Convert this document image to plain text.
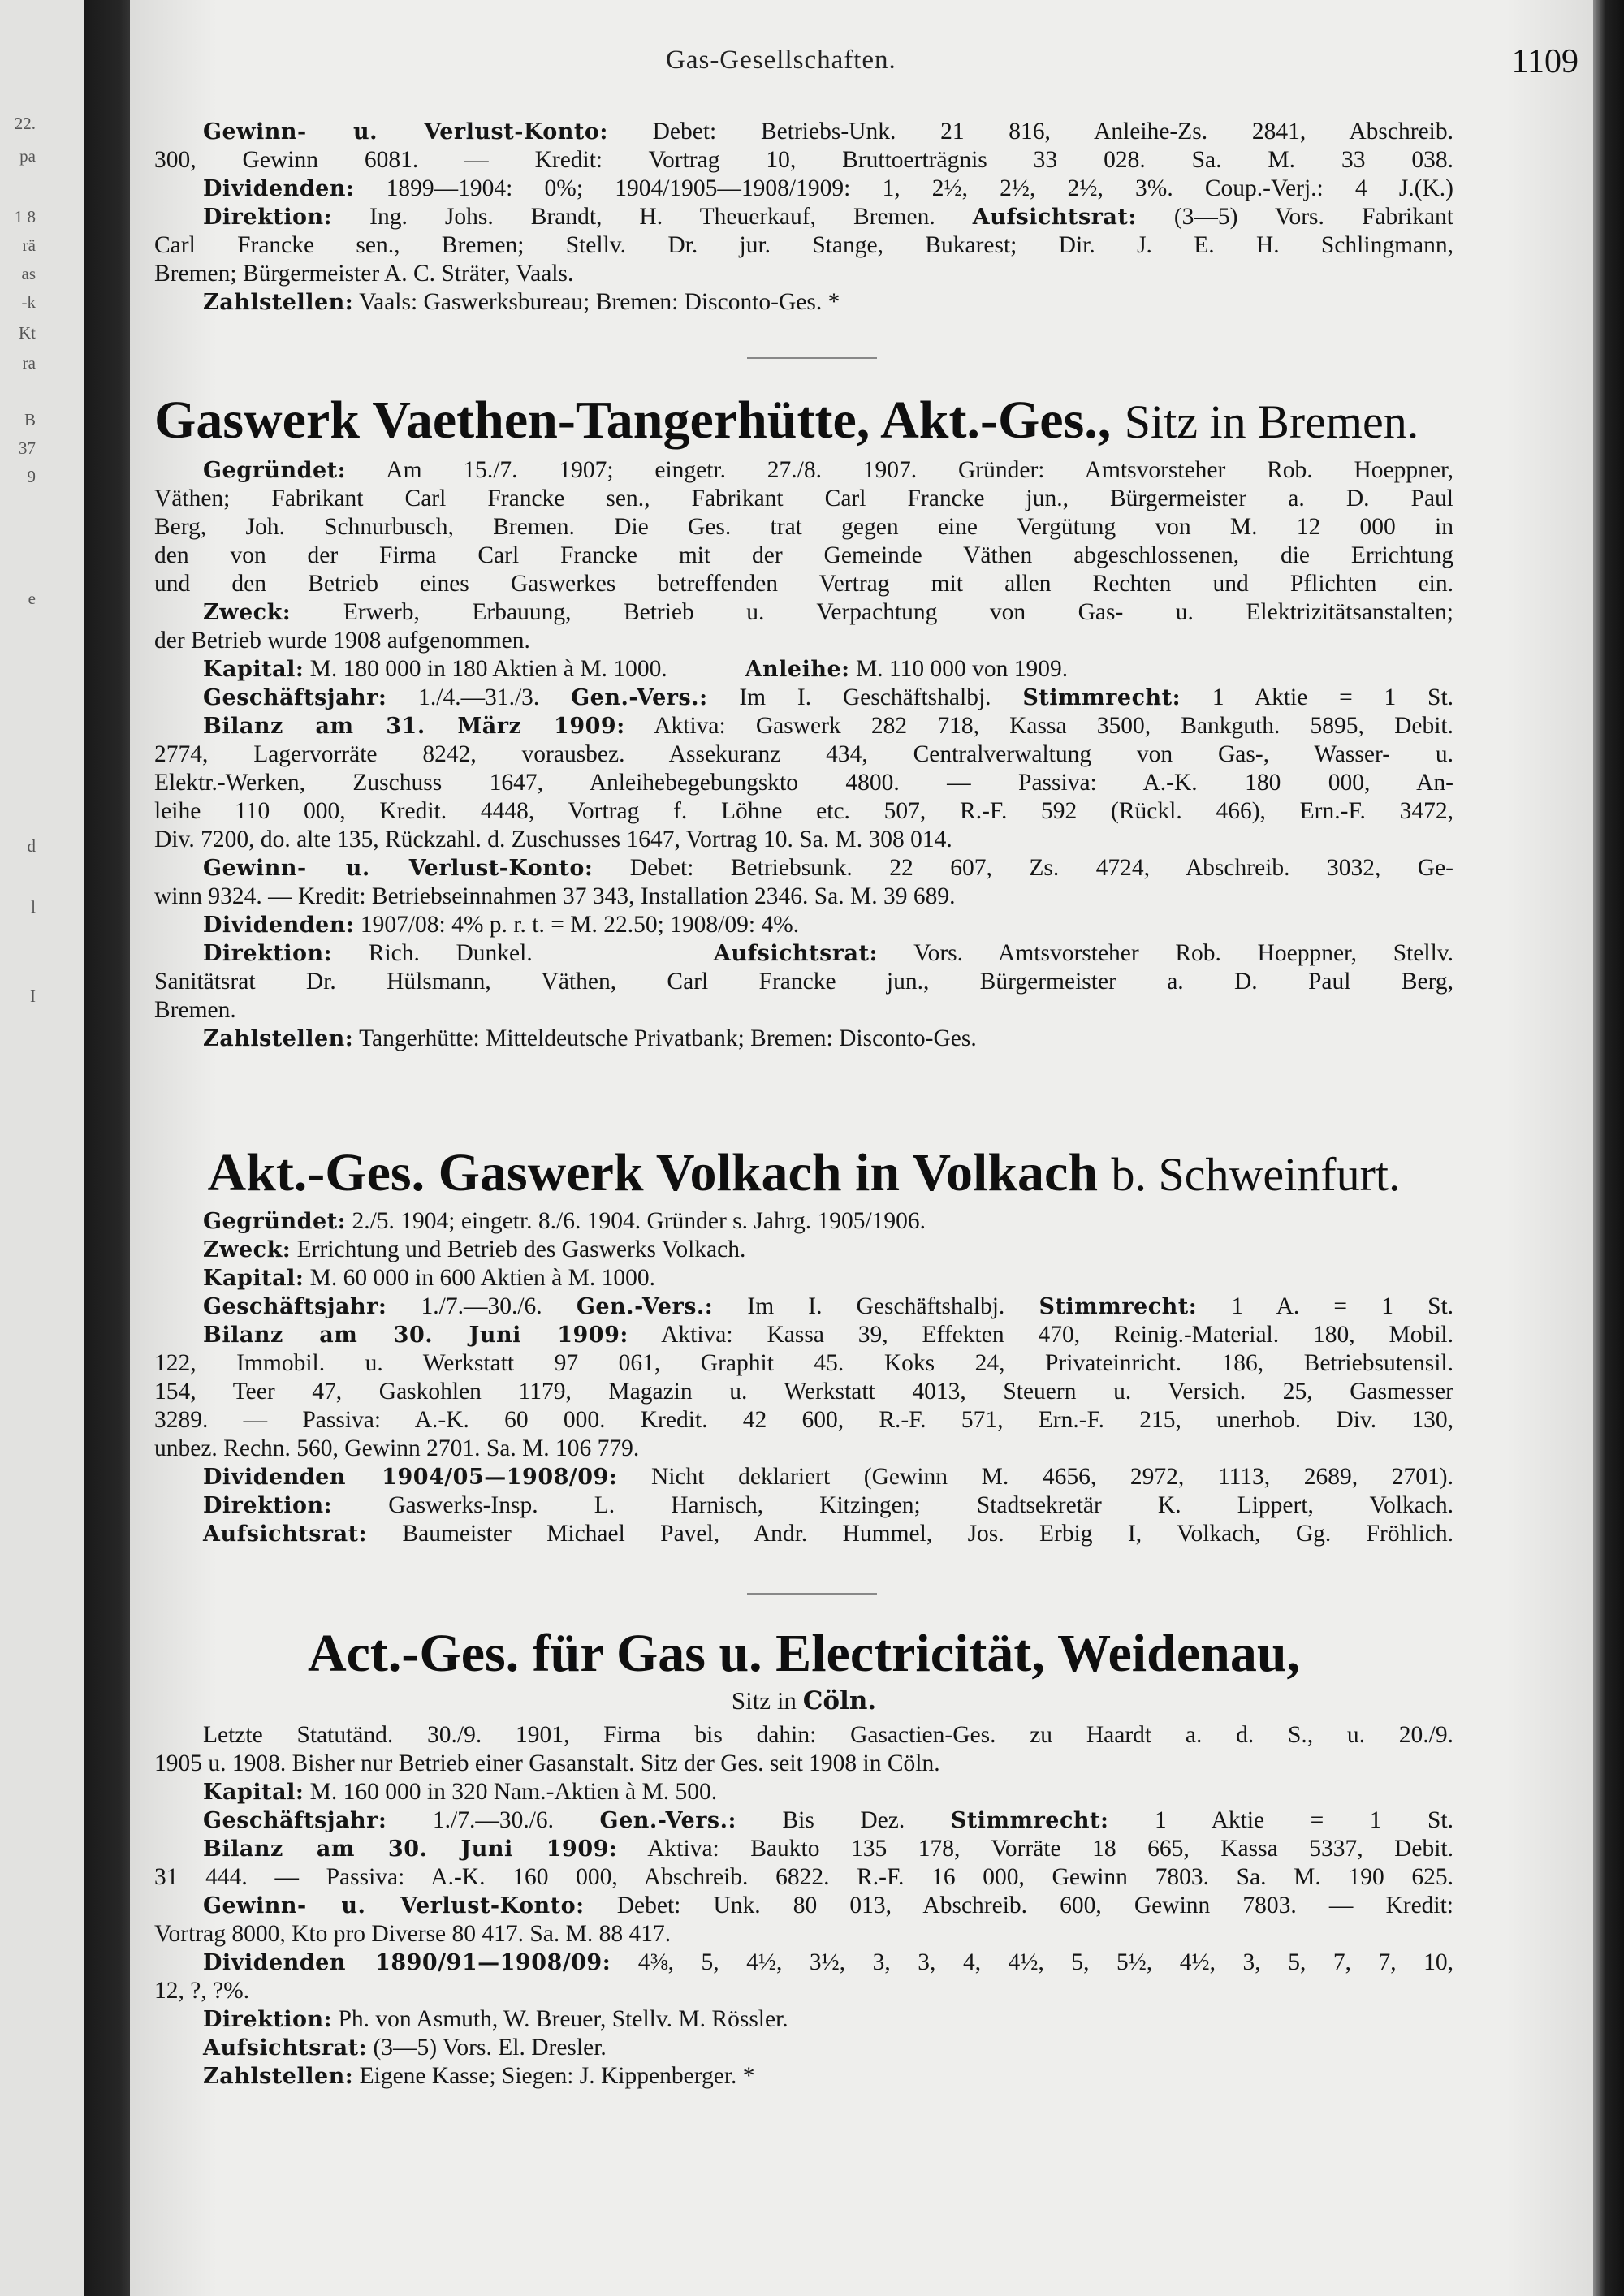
22.
pa
1 8
rä
as
-k
Kt
ra
B
37
9
e
d
l
I
Gas-Gesellschaften.	1109

Gewinn- u. Verlust-Konto: Debet: Betriebs-Unk. 21 816, Anleihe-Zs. 2841, Abschreib.

300, Gewinn 6081. — Kredit: Vortrag 10, Bruttoerträgnis 33 028. Sa. M. 33 038.

Dividenden: 1899—1904: 0%; 1904/1905—1908/1909: 1, 2½, 2½, 2½, 3%. Coup.-Verj.: 4 J.(K.)

Direktion: Ing. Johs. Brandt, H. Theuerkauf, Bremen. Aufsichtsrat: (3—5) Vors. Fabrikant

Carl Francke sen., Bremen; Stellv. Dr. jur. Stange, Bukarest; Dir. J. E. H. Schlingmann,

Bremen; Bürgermeister A. C. Sträter, Vaals.

Zahlstellen: Vaals: Gaswerksbureau; Bremen: Disconto-Ges. *

Gaswerk Vaethen-Tangerhütte, Akt.-Ges., Sitz in Bremen.

Gegründet: Am 15./7. 1907; eingetr. 27./8. 1907. Gründer: Amtsvorsteher Rob. Hoeppner,

Väthen; Fabrikant Carl Francke sen., Fabrikant Carl Francke jun., Bürgermeister a. D. Paul

Berg, Joh. Schnurbusch, Bremen. Die Ges. trat gegen eine Vergütung von M. 12 000 in

den von der Firma Carl Francke mit der Gemeinde Väthen abgeschlossenen, die Errichtung

und den Betrieb eines Gaswerkes betreffenden Vertrag mit allen Rechten und Pflichten ein.

Zweck: Erwerb, Erbauung, Betrieb u. Verpachtung von Gas- u. Elektrizitätsanstalten;

der Betrieb wurde 1908 aufgenommen.

Kapital: M. 180 000 in 180 Aktien à M. 1000.	Anleihe: M. 110 000 von 1909.

Geschäftsjahr: 1./4.—31./3. Gen.-Vers.: Im I. Geschäftshalbj. Stimmrecht: 1 Aktie = 1 St.

Bilanz am 31. März 1909: Aktiva: Gaswerk 282 718, Kassa 3500, Bankguth. 5895, Debit.

2774, Lagervorräte 8242, vorausbez. Assekuranz 434, Centralverwaltung von Gas-, Wasser- u.

Elektr.-Werken, Zuschuss 1647, Anleihebegebungskto 4800. — Passiva: A.-K. 180 000, An-

leihe 110 000, Kredit. 4448, Vortrag f. Löhne etc. 507, R.-F. 592 (Rückl. 466), Ern.-F. 3472,

Div. 7200, do. alte 135, Rückzahl. d. Zuschusses 1647, Vortrag 10. Sa. M. 308 014.

Gewinn- u. Verlust-Konto: Debet: Betriebsunk. 22 607, Zs. 4724, Abschreib. 3032, Ge-

winn 9324. — Kredit: Betriebseinnahmen 37 343, Installation 2346. Sa. M. 39 689.

Dividenden: 1907/08: 4% p. r. t. = M. 22.50; 1908/09: 4%.

Direktion: Rich. Dunkel.	Aufsichtsrat: Vors. Amtsvorsteher Rob. Hoeppner, Stellv.

Sanitätsrat Dr. Hülsmann, Väthen, Carl Francke jun., Bürgermeister a. D. Paul Berg,

Bremen.

Zahlstellen: Tangerhütte: Mitteldeutsche Privatbank; Bremen: Disconto-Ges.

Akt.-Ges. Gaswerk Volkach in Volkach b. Schweinfurt.

Gegründet: 2./5. 1904; eingetr. 8./6. 1904. Gründer s. Jahrg. 1905/1906.

Zweck: Errichtung und Betrieb des Gaswerks Volkach.

Kapital: M. 60 000 in 600 Aktien à M. 1000.

Geschäftsjahr: 1./7.—30./6. Gen.-Vers.: Im I. Geschäftshalbj. Stimmrecht: 1 A. = 1 St.

Bilanz am 30. Juni 1909: Aktiva: Kassa 39, Effekten 470, Reinig.-Material. 180, Mobil.

122, Immobil. u. Werkstatt 97 061, Graphit 45. Koks 24, Privateinricht. 186, Betriebsutensil.

154, Teer 47, Gaskohlen 1179, Magazin u. Werkstatt 4013, Steuern u. Versich. 25, Gasmesser

3289. — Passiva: A.-K. 60 000. Kredit. 42 600, R.-F. 571, Ern.-F. 215, unerhob. Div. 130,

unbez. Rechn. 560, Gewinn 2701. Sa. M. 106 779.

Dividenden 1904/05—1908/09: Nicht deklariert (Gewinn M. 4656, 2972, 1113, 2689, 2701).

Direktion: Gaswerks-Insp. L. Harnisch, Kitzingen; Stadtsekretär K. Lippert, Volkach.

Aufsichtsrat: Baumeister Michael Pavel, Andr. Hummel, Jos. Erbig I, Volkach, Gg. Fröhlich.

Act.-Ges. für Gas u. Electricität, Weidenau,

Sitz in Cöln.

Letzte Statutänd. 30./9. 1901, Firma bis dahin: Gasactien-Ges. zu Haardt a. d. S., u. 20./9.

1905 u. 1908. Bisher nur Betrieb einer Gasanstalt. Sitz der Ges. seit 1908 in Cöln.

Kapital: M. 160 000 in 320 Nam.-Aktien à M. 500.

Geschäftsjahr: 1./7.—30./6. Gen.-Vers.: Bis Dez. Stimmrecht: 1 Aktie = 1 St.

Bilanz am 30. Juni 1909: Aktiva: Baukto 135 178, Vorräte 18 665, Kassa 5337, Debit.

31 444. — Passiva: A.-K. 160 000, Abschreib. 6822. R.-F. 16 000, Gewinn 7803. Sa. M. 190 625.

Gewinn- u. Verlust-Konto: Debet: Unk. 80 013, Abschreib. 600, Gewinn 7803. — Kredit:

Vortrag 8000, Kto pro Diverse 80 417. Sa. M. 88 417.

Dividenden 1890/91—1908/09: 4⅜, 5, 4½, 3½, 3, 3, 4, 4½, 5, 5½, 4½, 3, 5, 7, 7, 10,

12, ?, ?%.

Direktion: Ph. von Asmuth, W. Breuer, Stellv. M. Rössler.

Aufsichtsrat: (3—5) Vors. El. Dresler.

Zahlstellen: Eigene Kasse; Siegen: J. Kippenberger. *
